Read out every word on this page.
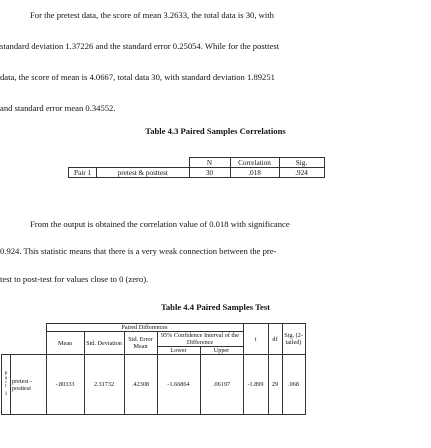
For the pretest data, the score of mean 3.2633, the total data is 30, with
standard deviation 1.37226 and the standard error 0.25054. While for the posttest
data, the score of mean is 4.0667, total data 30, with standard deviation 1.89251
and standard error mean 0.34552.
Table 4.3 Paired Samples Correlations
		N	Correlation	Sig.
Pair 1	pretest & posttest	30	.018	.924
From the output is obtained the correlation value of 0.018 with significance
0.924. This statistic means that there is a very weak connection between the pre-
test to post-test for values close to 0 (zero).
Table 4.4 Paired Samples Test
		Paired Differences					t	df	Sig. (2-tailed)
		Mean	Std. Deviation	Std. Error Mean	95% Confidence Interval of the Difference				
					Lower	Upper			
Pair 1	pretest - posttest	-.80333	2.31732	.42308	-1.66864	.06197	-1.899	29	.068
